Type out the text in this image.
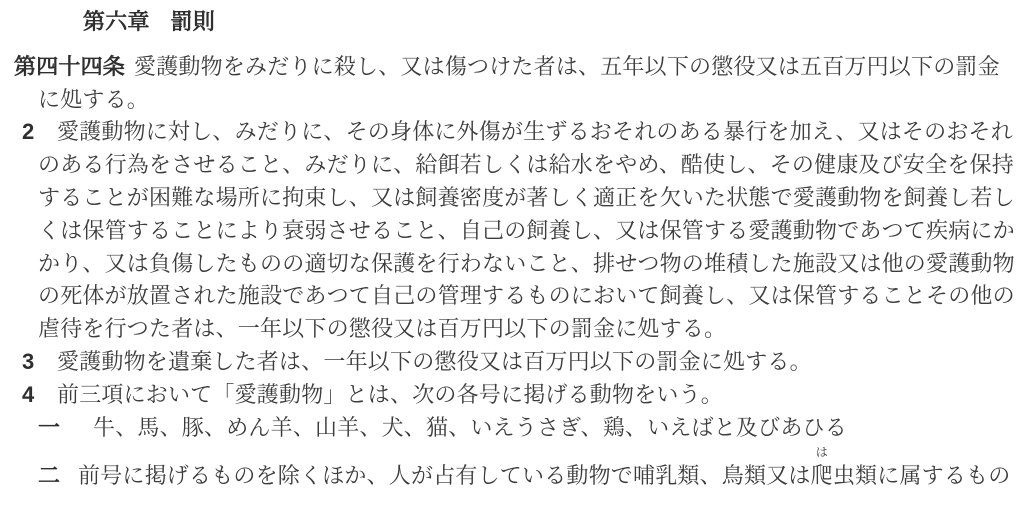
第六章 罰則
第四十四条 愛護動物をみだりに殺し、又は傷つけた者は、五年以下の懲役又は五百万円以下の罰金
に処する。
2 愛護動物に対し、みだりに、その身体に外傷が生ずるおそれのある暴行を加え、又はそのおそれ
のある行為をさせること、みだりに、給餌若しくは給水をやめ、酷使し、その健康及び安全を保持
することが困難な場所に拘束し、又は飼養密度が著しく適正を欠いた状態で愛護動物を飼養し若し
くは保管することにより衰弱させること、自己の飼養し、又は保管する愛護動物であつて疾病にか
かり、又は負傷したものの適切な保護を行わないこと、排せつ物の堆積した施設又は他の愛護動物
の死体が放置された施設であつて自己の管理するものにおいて飼養し、又は保管することその他の
虐待を行つた者は、一年以下の懲役又は百万円以下の罰金に処する。
3 愛護動物を遺棄した者は、一年以下の懲役又は百万円以下の罰金に処する。
4 前三項において「愛護動物」とは、次の各号に掲げる動物をいう。
一 牛、馬、豚、めん羊、山羊、犬、猫、いえうさぎ、鶏、いえばと及びあひる
二 前号に掲げるものを除くほか、人が占有している動物で哺乳類、鳥類又は
は
爬虫類に属するもの
